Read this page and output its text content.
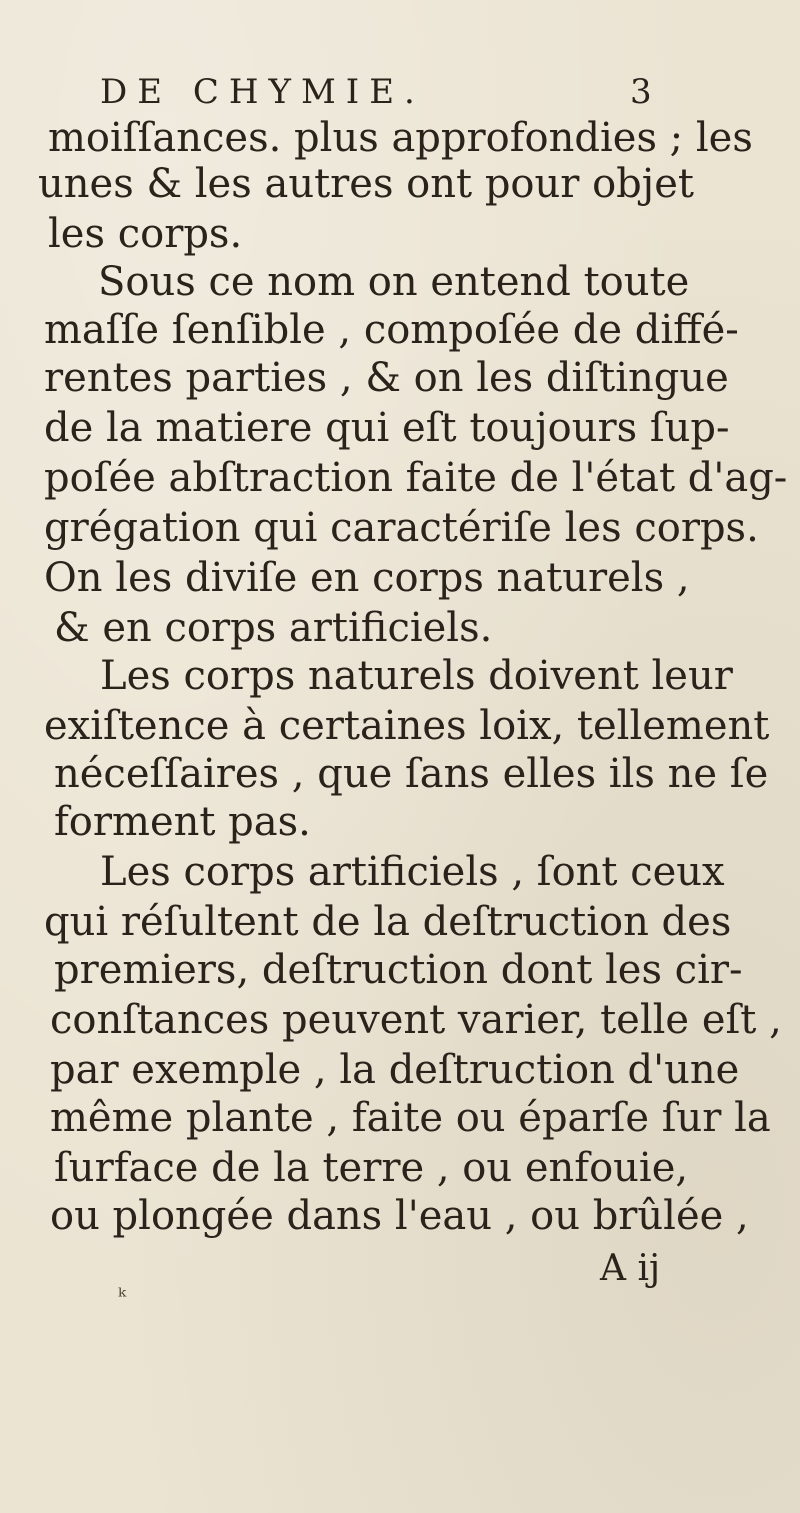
DE CHYMIE.	3
moiſſances. plus approfondies ; les
unes & les autres ont pour objet
les corps.
Sous ce nom on entend toute
maſſe ſenſible , compoſée de diffé-
rentes parties , & on les diſtingue
de la matiere qui eſt toujours ſup-
poſée abſtraction faite de l'état d'ag-
grégation qui caractériſe les corps.
On les diviſe en corps naturels ,
& en corps artificiels.
Les corps naturels doivent leur
exiſtence à certaines loix, tellement
néceſſaires , que ſans elles ils ne ſe
forment pas.
Les corps artificiels , ſont ceux
qui réſultent de la deſtruction des
premiers, deſtruction dont les cir-
conſtances peuvent varier, telle eſt ,
par exemple , la deſtruction d'une
même plante , faite ou éparſe ſur la
ſurface de la terre , ou enfouie,
ou plongée dans l'eau , ou brûlée ,
A ij
ᵏ
